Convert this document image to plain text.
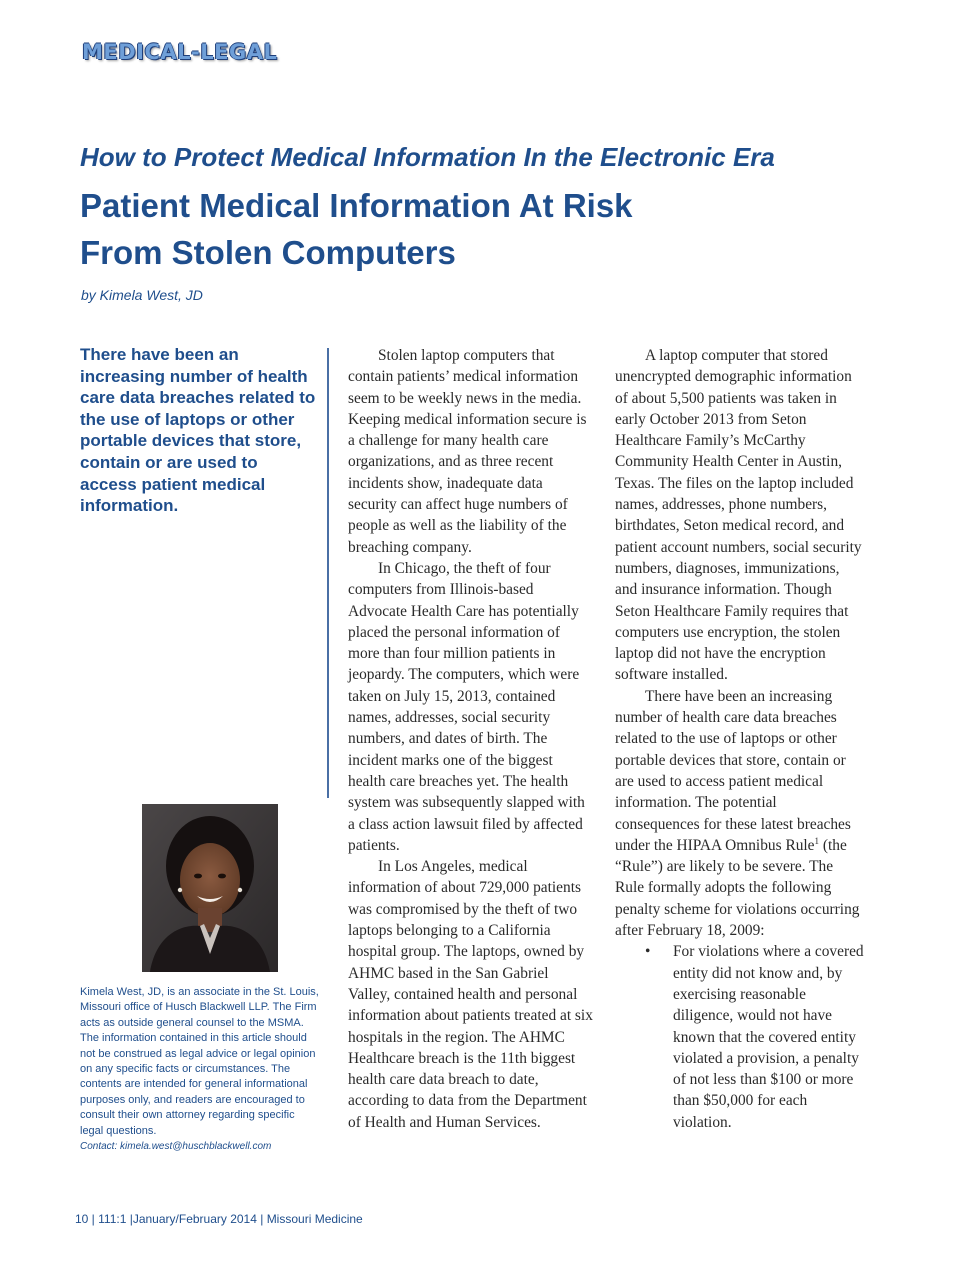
MEDICAL-LEGAL
How to Protect Medical Information In the Electronic Era
Patient Medical Information At Risk
From Stolen Computers
by Kimela West, JD
There have been an increasing number of health care data breaches related to the use of laptops or other portable devices that store, contain or are used to access patient medical information.
Kimela West, JD, is an associate in the St. Louis, Missouri office of Husch Blackwell LLP. The Firm acts as outside general counsel to the MSMA. The information contained in this article should not be construed as legal advice or legal opinion on any specific facts or circumstances. The contents are intended for general informational purposes only, and readers are encouraged to consult their own attorney regarding specific legal questions.
Contact: kimela.west@huschblackwell.com

Stolen laptop computers that contain patients’ medical information seem to be weekly news in the media. Keeping medical information secure is a challenge for many health care organizations, and as three recent incidents show, inadequate data security can affect huge numbers of people as well as the liability of the breaching company.

In Chicago, the theft of four computers from Illinois-based Advocate Health Care has potentially placed the personal information of more than four million patients in jeopardy. The computers, which were taken on July 15, 2013, contained names, addresses, social security numbers, and dates of birth. The incident marks one of the biggest health care breaches yet. The health system was subsequently slapped with a class action lawsuit filed by affected patients.

In Los Angeles, medical information of about 729,000 patients was compromised by the theft of two laptops belonging to a California hospital group. The laptops, owned by AHMC based in the San Gabriel Valley, contained health and personal information about patients treated at six hospitals in the region. The AHMC Healthcare breach is the 11th biggest health care data breach to date, according to data from the Department of Health and Human Services.

A laptop computer that stored unencrypted demographic information of about 5,500 patients was taken in early October 2013 from Seton Healthcare Family’s McCarthy Community Health Center in Austin, Texas. The files on the laptop included names, addresses, phone numbers, birthdates, Seton medical record, and patient account numbers, social security numbers, diagnoses, immunizations, and insurance information. Though Seton Healthcare Family requires that computers use encryption, the stolen laptop did not have the encryption software installed.

There have been an increasing number of health care data breaches related to the use of laptops or other portable devices that store, contain or are used to access patient medical information. The potential consequences for these latest breaches under the HIPAA Omnibus Rule$^1$ (the “Rule”) are likely to be severe. The Rule formally adopts the following penalty scheme for violations occurring after February 18, 2009:

• For violations where a covered entity did not know and, by exercising reasonable diligence, would not have known that the covered entity violated a provision, a penalty of not less than $100 or more than $50,000 for each violation.
10 | 111:1 |January/February 2014 | Missouri Medicine
